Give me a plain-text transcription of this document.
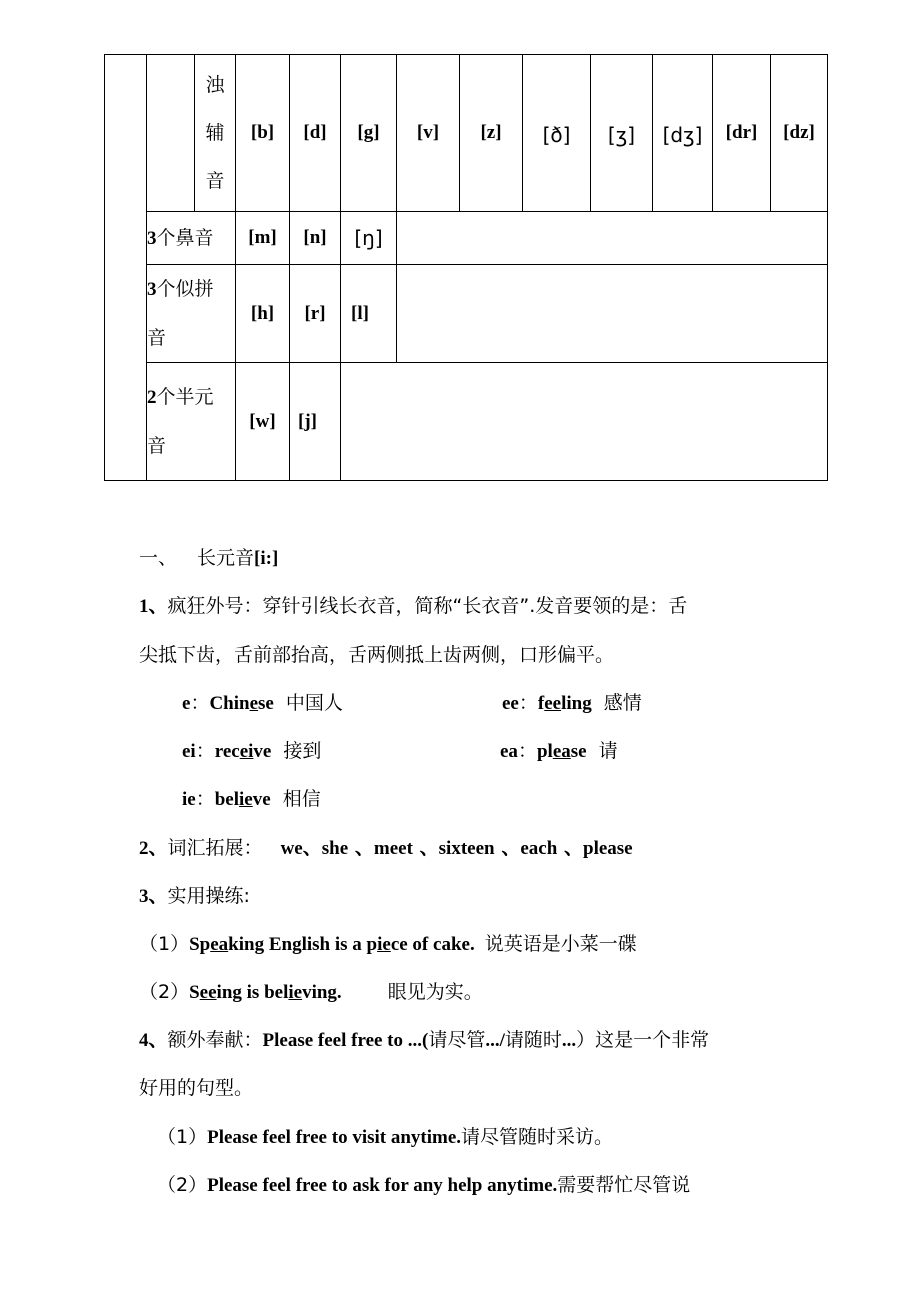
		浊
辅
音	[b]	[d]	[g]	[v]	[z]	[ð]	[ʒ]	[dʒ]	[dr]	[dz]
	3个鼻音		[m]	[n]	[ŋ]							

	3个似拼
音		[h]	[r]	[l]							

	2个半元
音		[w]	[j]								
一、 长元音[i:]
1、疯狂外号：穿针引线长衣音，简称“长衣音”.发音要领的是：舌
尖抵下齿，舌前部抬高，舌两侧抵上齿两侧，口形偏平。
e：Chinese 中国人	ee：feeling 感情
ei：receive 接到	ea：please 请
ie：believe 相信
2、词汇拓展： we、she 、meet 、sixteen 、each 、please
3、实用操练:
（1）Speaking English is a piece of cake. 说英语是小菜一碟
（2）Seeing is believing. 眼见为实。
4、额外奉献：Please feel free to ...(请尽管.../请随时...）这是一个非常
好用的句型。
（1）Please feel free to visit anytime.请尽管随时采访。
（2）Please feel free to ask for any help anytime.需要帮忙尽管说
